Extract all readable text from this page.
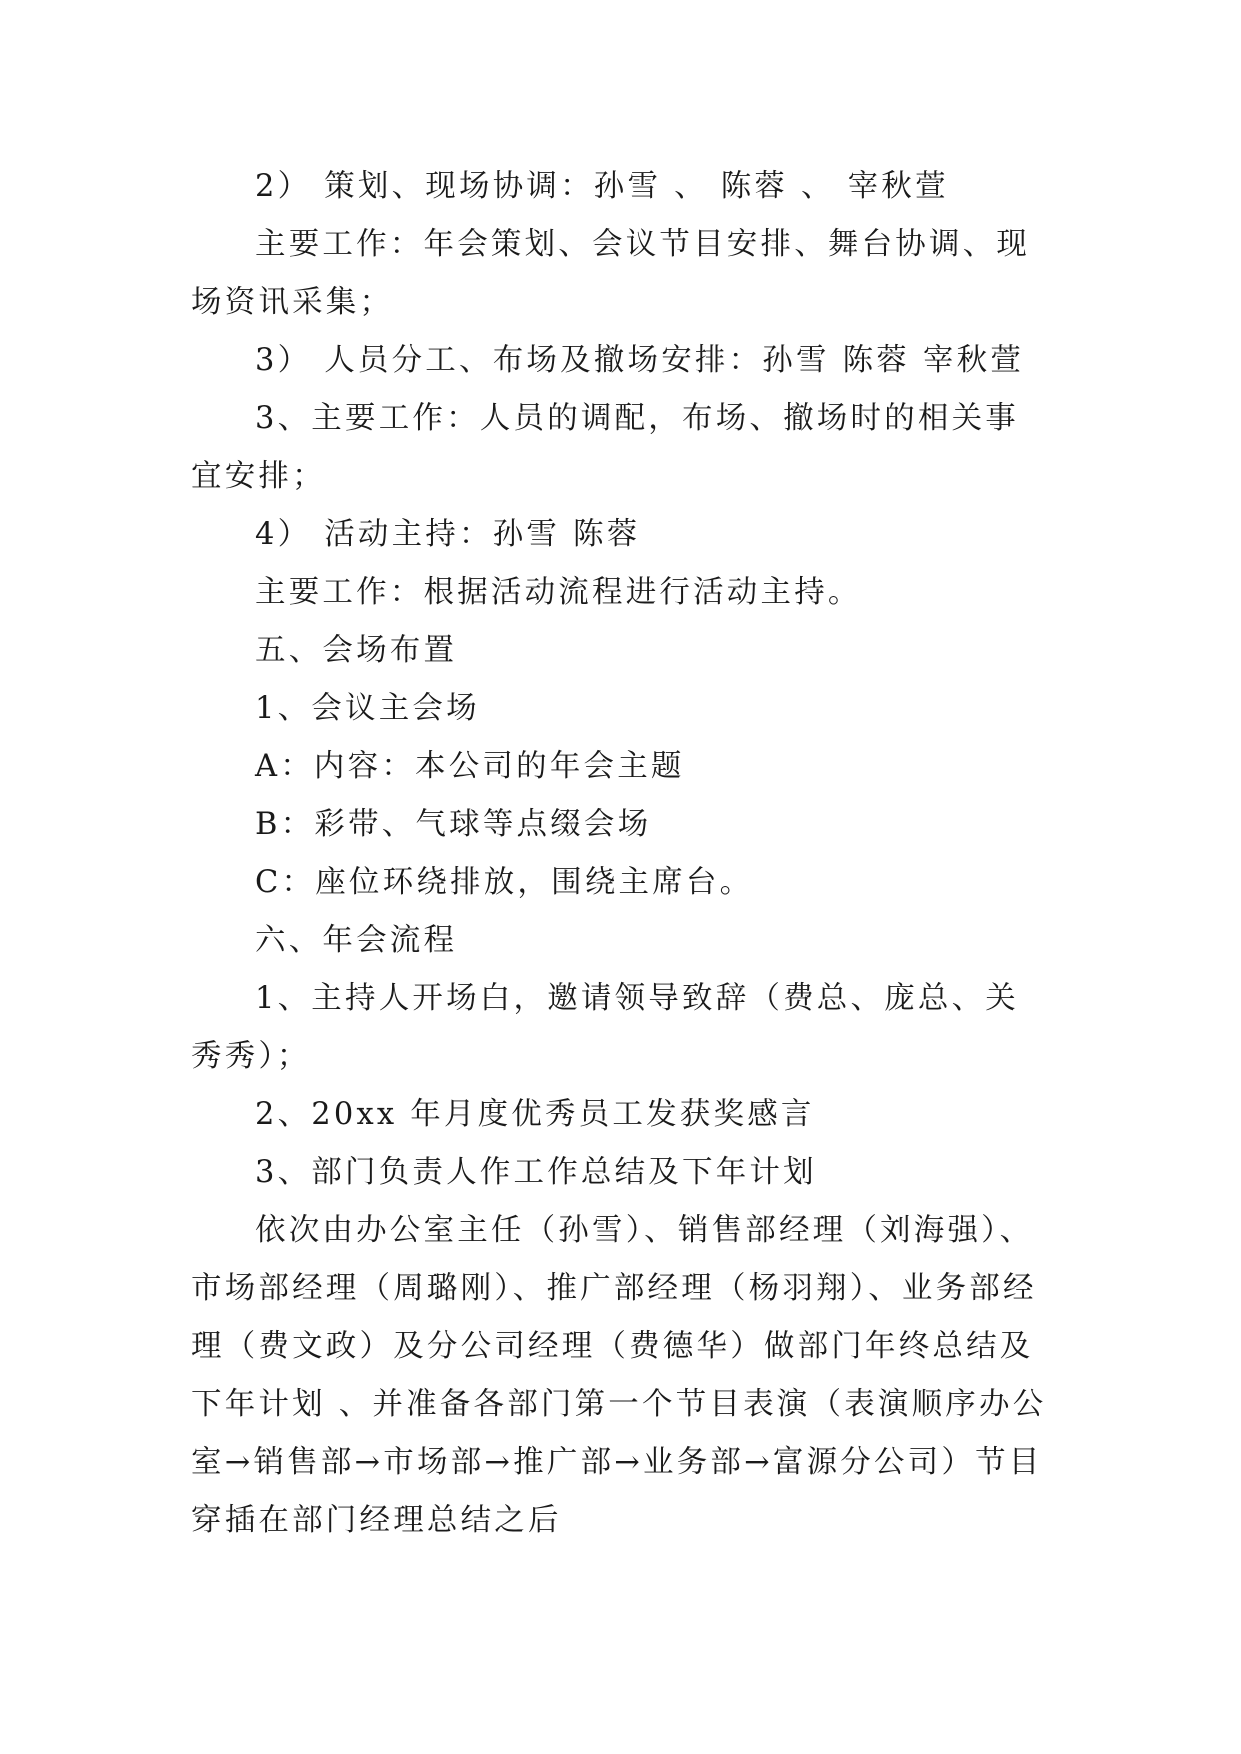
2） 策划、现场协调：孙雪 、 陈蓉 、 宰秋萱

主要工作：年会策划、会议节目安排、舞台协调、现场资讯采集；

3） 人员分工、布场及撤场安排：孙雪 陈蓉 宰秋萱

3、主要工作：人员的调配，布场、撤场时的相关事宜安排；

4） 活动主持：孙雪 陈蓉

主要工作：根据活动流程进行活动主持。

五、会场布置

1、会议主会场

A：内容：本公司的年会主题

B：彩带、气球等点缀会场

C：座位环绕排放，围绕主席台。

六、年会流程

1、主持人开场白，邀请领导致辞（费总、庞总、关秀秀）；

2、20xx 年月度优秀员工发获奖感言

3、部门负责人作工作总结及下年计划

依次由办公室主任（孙雪）、销售部经理（刘海强）、市场部经理（周璐刚）、推广部经理（杨羽翔）、业务部经理（费文政）及分公司经理（费德华）做部门年终总结及下年计划 、并准备各部门第一个节目表演（表演顺序办公室→销售部→市场部→推广部→业务部→富源分公司）节目穿插在部门经理总结之后
